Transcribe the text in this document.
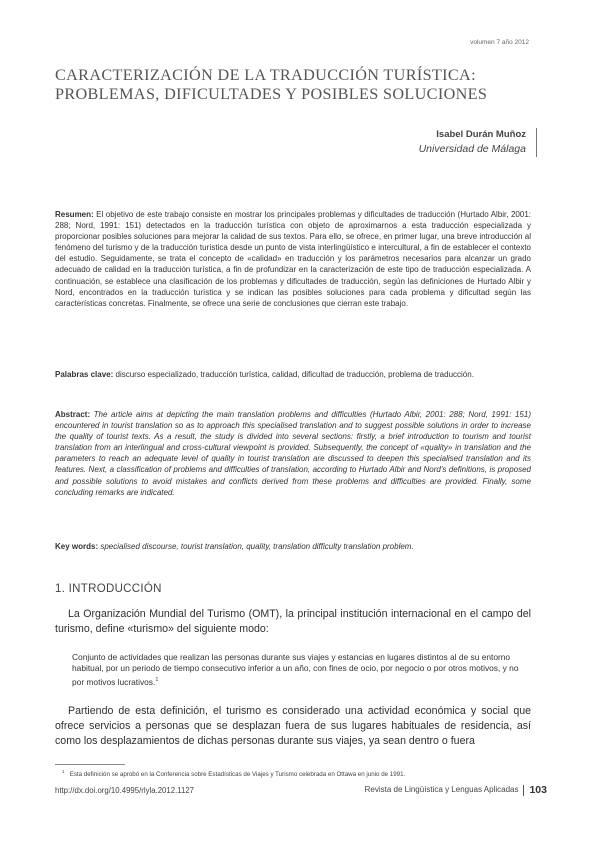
volumen 7 año 2012
CARACTERIZACIÓN DE LA TRADUCCIÓN TURÍSTICA: PROBLEMAS, DIFICULTADES Y POSIBLES SOLUCIONES
Isabel Durán Muñoz
Universidad de Málaga

Resumen: El objetivo de este trabajo consiste en mostrar los principales problemas y dificultades de traducción (Hurtado Albir, 2001: 288; Nord, 1991: 151) detectados en la traducción turística con objeto de aproximarnos a esta traducción especializada y proporcionar posibles soluciones para mejorar la calidad de sus textos. Para ello, se ofrece, en primer lugar, una breve introducción al fenómeno del turismo y de la traducción turística desde un punto de vista interlingüístico e intercultural, a fin de establecer el contexto del estudio. Seguidamente, se trata el concepto de «calidad» en traducción y los parámetros necesarios para alcanzar un grado adecuado de calidad en la traducción turística, a fin de profundizar en la caracterización de este tipo de traducción especializada. A continuación, se establece una clasificación de los problemas y dificultades de traducción, según las definiciones de Hurtado Albir y Nord, encontrados en la traducción turística y se indican las posibles soluciones para cada problema y dificultad según las características concretas. Finalmente, se ofrece una serie de conclusiones que cierran este trabajo.

Palabras clave: discurso especializado, traducción turística, calidad, dificultad de traducción, problema de traducción.

Abstract: The article aims at depicting the main translation problems and difficulties (Hurtado Albir, 2001: 288; Nord, 1991: 151) encountered in tourist translation so as to approach this specialised translation and to suggest possible solutions in order to increase the quality of tourist texts. As a result, the study is divided into several sections: firstly, a brief introduction to tourism and tourist translation from an interlingual and cross-cultural viewpoint is provided. Subsequently, the concept of «quality» in translation and the parameters to reach an adequate level of quality in tourist translation are discussed to deepen this specialised translation and its features. Next, a classification of problems and difficulties of translation, according to Hurtado Albir and Nord's definitions, is proposed and possible solutions to avoid mistakes and conflicts derived from these problems and difficulties are provided. Finally, some concluding remarks are indicated.

Key words: specialised discourse, tourist translation, quality, translation difficulty translation problem.

1. INTRODUCCIÓN

La Organización Mundial del Turismo (OMT), la principal institución internacional en el campo del turismo, define «turismo» del siguiente modo:

Conjunto de actividades que realizan las personas durante sus viajes y estancias en lugares distintos al de su entorno habitual, por un periodo de tiempo consecutivo inferior a un año, con fines de ocio, por negocio o por otros motivos, y no por motivos lucrativos.$^1$

Partiendo de esta definición, el turismo es considerado una actividad económica y social que ofrece servicios a personas que se desplazan fuera de sus lugares habituales de residencia, así como los desplazamientos de dichas personas durante sus viajes, ya sean dentro o fuera

$^1$ Esta definición se aprobó en la Conferencia sobre Estadísticas de Viajes y Turismo celebrada en Ottawa en junio de 1991.

http://dx.doi.org/10.4995/rlyla.2012.1127	Revista de Lingüística y Lenguas Aplicadas 103
